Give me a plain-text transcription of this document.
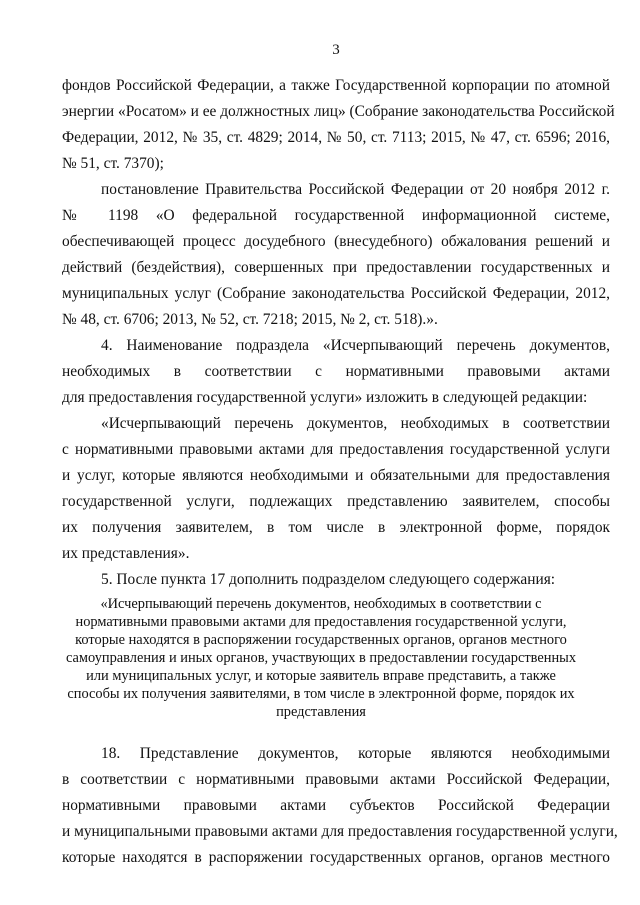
3
фондов Российской Федерации, а также Государственной корпорации по атомной
энергии «Росатом» и ее должностных лиц» (Собрание законодательства Российской
Федерации, 2012, № 35, ст. 4829; 2014, № 50, ст. 7113; 2015, № 47, ст. 6596; 2016,
№ 51, ст. 7370);
постановление Правительства Российской Федерации от 20 ноября 2012 г.
№ 1198 «О федеральной государственной информационной системе,
обеспечивающей процесс досудебного (внесудебного) обжалования решений и
действий (бездействия), совершенных при предоставлении государственных и
муниципальных услуг (Собрание законодательства Российской Федерации, 2012,
№ 48, ст. 6706; 2013, № 52, ст. 7218; 2015, № 2, ст. 518).».
4. Наименование подраздела «Исчерпывающий перечень документов,
необходимых в соответствии с нормативными правовыми актами
для предоставления государственной услуги» изложить в следующей редакции:
«Исчерпывающий перечень документов, необходимых в соответствии
с нормативными правовыми актами для предоставления государственной услуги
и услуг, которые являются необходимыми и обязательными для предоставления
государственной услуги, подлежащих представлению заявителем, способы
их получения заявителем, в том числе в электронной форме, порядок
их представления».
5. После пункта 17 дополнить подразделом следующего содержания:
«Исчерпывающий перечень документов, необходимых в соответствии с
нормативными правовыми актами для предоставления государственной услуги,
которые находятся в распоряжении государственных органов, органов местного
самоуправления и иных органов, участвующих в предоставлении государственных
или муниципальных услуг, и которые заявитель вправе представить, а также
способы их получения заявителями, в том числе в электронной форме, порядок их
представления
18. Представление документов, которые являются необходимыми
в соответствии с нормативными правовыми актами Российской Федерации,
нормативными правовыми актами субъектов Российской Федерации
и муниципальными правовыми актами для предоставления государственной услуги,
которые находятся в распоряжении государственных органов, органов местного
